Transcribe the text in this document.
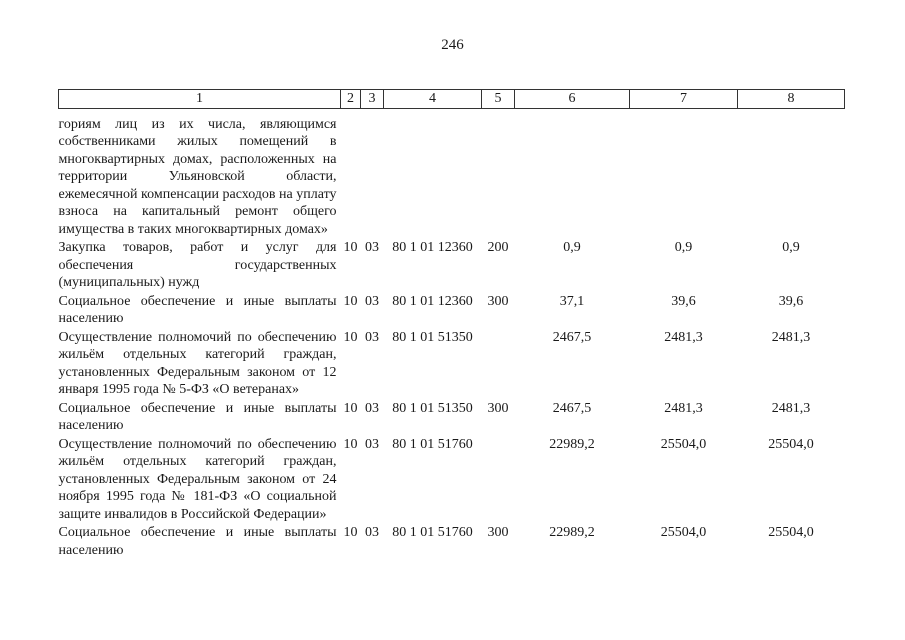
246
1	2	3	4	5	6	7	8
гориям лиц из их числа, являющимся собственниками жилых помещений в многоквартирных домах, расположенных на территории Ульяновской области, ежемесячной компенсации расходов на уплату взноса на капитальный ремонт общего имущества в таких многоквартирных домах»							
Закупка товаров, работ и услуг для обеспечения государственных (муниципальных) нужд	10	03	80 1 01 12360	200	0,9	0,9	0,9
Социальное обеспечение и иные выплаты населению	10	03	80 1 01 12360	300	37,1	39,6	39,6
Осуществление полномочий по обеспечению жильём отдельных категорий граждан, установленных Федеральным законом от 12 января 1995 года № 5-ФЗ «О ветеранах»	10	03	80 1 01 51350		2467,5	2481,3	2481,3
Социальное обеспечение и иные выплаты населению	10	03	80 1 01 51350	300	2467,5	2481,3	2481,3
Осуществление полномочий по обеспечению жильём отдельных категорий граждан, установленных Федеральным законом от 24 ноября 1995 года № 181-ФЗ «О социальной защите инвалидов в Российской Федерации»	10	03	80 1 01 51760		22989,2	25504,0	25504,0
Социальное обеспечение и иные выплаты населению	10	03	80 1 01 51760	300	22989,2	25504,0	25504,0
